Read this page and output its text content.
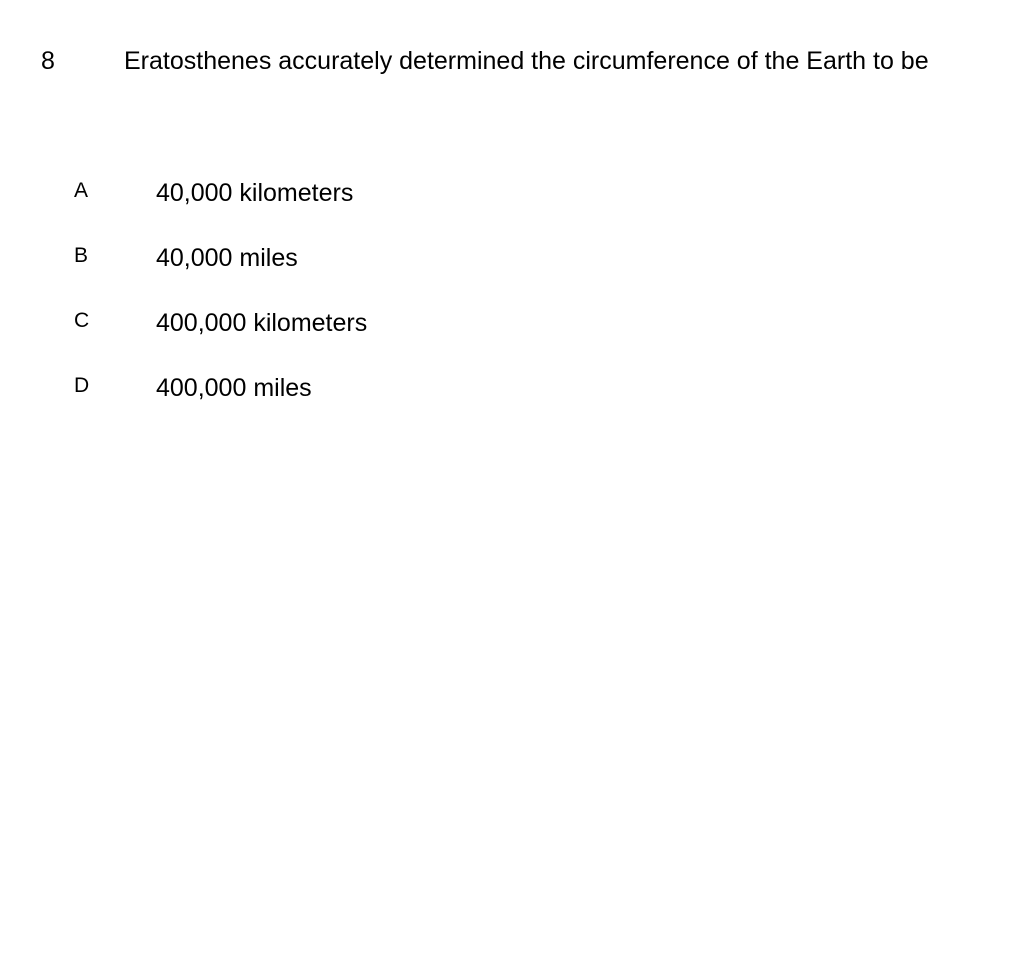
8	Eratosthenes accurately determined the circumference of the Earth to be
A	40,000 kilometers
B	40,000 miles
C	400,000 kilometers
D	400,000 miles
